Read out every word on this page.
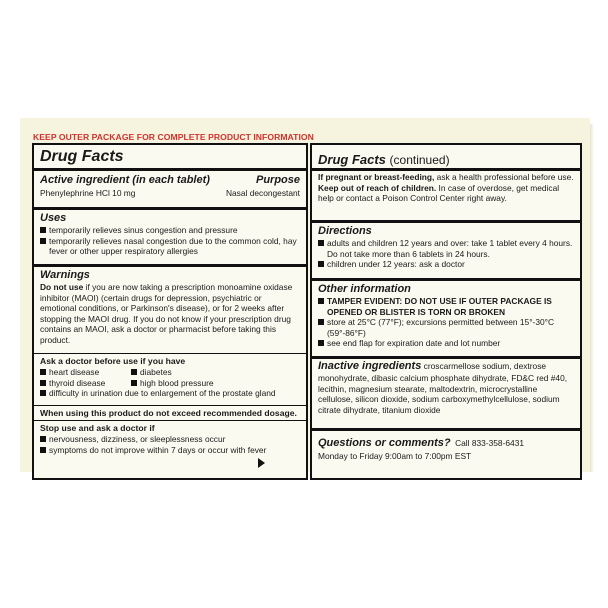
KEEP OUTER PACKAGE FOR COMPLETE PRODUCT INFORMATION
Drug Facts
Active ingredient (in each tablet)	Purpose
Phenylephrine HCl 10 mg	Nasal decongestant
Uses
temporarily relieves sinus congestion and pressure
temporarily relieves nasal congestion due to the common cold, hay fever or other upper respiratory allergies
Warnings
Do not use if you are now taking a prescription monoamine oxidase inhibitor (MAOI) (certain drugs for depression, psychiatric or emotional conditions, or Parkinson's disease), or for 2 weeks after stopping the MAOI drug. If you do not know if your prescription drug contains an MAOI, ask a doctor or pharmacist before taking this product.
Ask a doctor before use if you have
heart disease	diabetes
thyroid disease	high blood pressure
difficulty in urination due to enlargement of the prostate gland
When using this product do not exceed recommended dosage.
Stop use and ask a doctor if
nervousness, dizziness, or sleeplessness occur
symptoms do not improve within 7 days or occur with fever
Drug Facts (continued)
If pregnant or breast-feeding, ask a health professional before use.
Keep out of reach of children. In case of overdose, get medical help or contact a Poison Control Center right away.
Directions
adults and children 12 years and over: take 1 tablet every 4 hours. Do not take more than 6 tablets in 24 hours.
children under 12 years: ask a doctor
Other information
TAMPER EVIDENT: DO NOT USE IF OUTER PACKAGE IS OPENED OR BLISTER IS TORN OR BROKEN
store at 25°C (77°F); excursions permitted between 15°-30°C (59°-86°F)
see end flap for expiration date and lot number
Inactive ingredients croscarmellose sodium, dextrose monohydrate, dibasic calcium phosphate dihydrate, FD&C red #40, lecithin, magnesium stearate, maltodextrin, microcrystalline cellulose, silicon dioxide, sodium carboxymethylcellulose, sodium citrate dihydrate, titanium dioxide
Questions or comments? Call 833-358-6431
Monday to Friday 9:00am to 7:00pm EST
